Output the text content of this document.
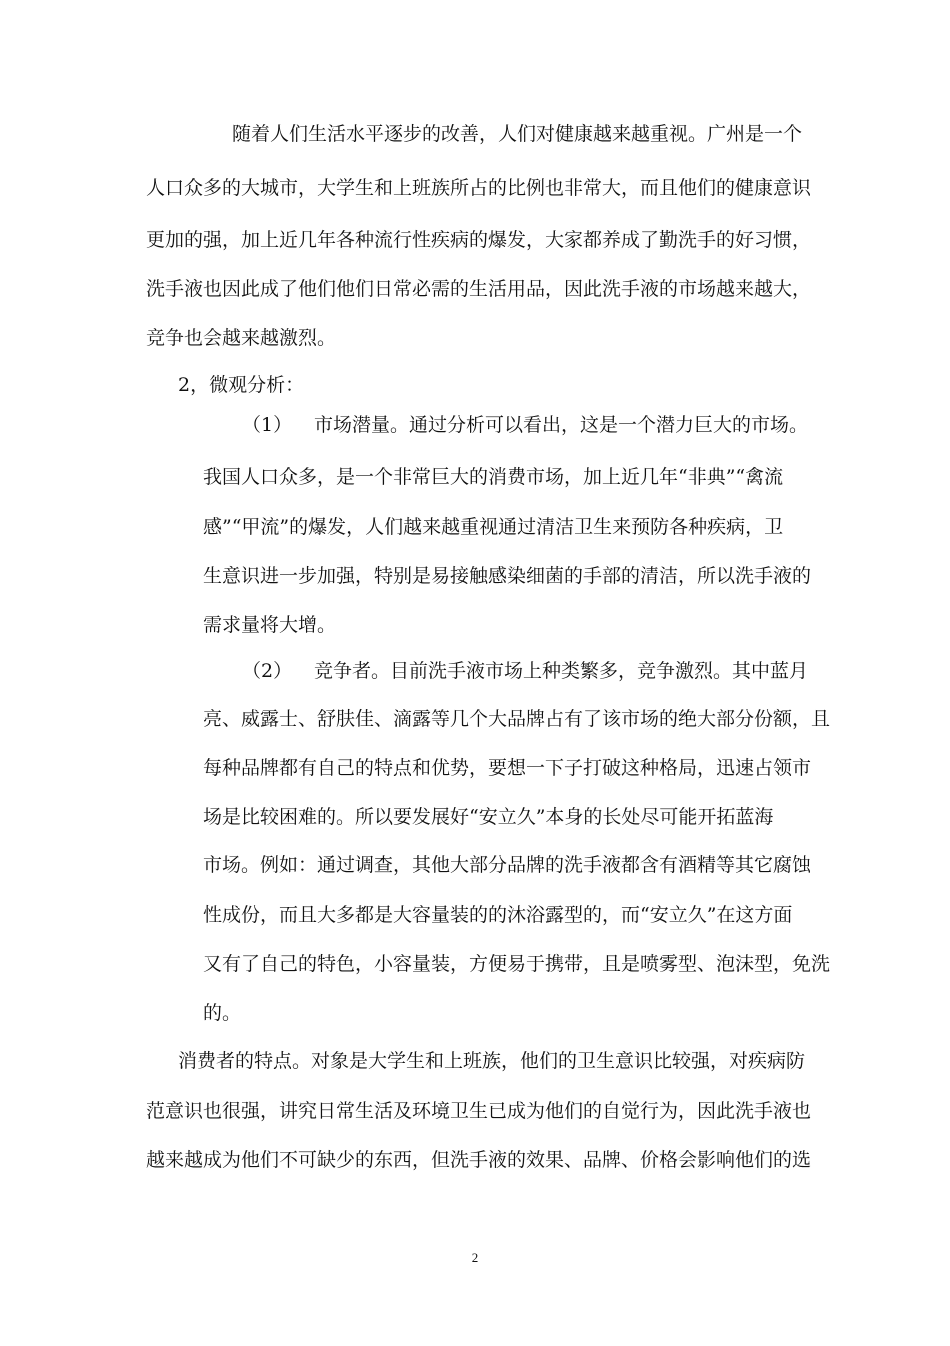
随着人们生活水平逐步的改善，人们对健康越来越重视。广州是一个
人口众多的大城市，大学生和上班族所占的比例也非常大，而且他们的健康意识
更加的强，加上近几年各种流行性疾病的爆发，大家都养成了勤洗手的好习惯，
洗手液也因此成了他们他们日常必需的生活用品，因此洗手液的市场越来越大，
竞争也会越来越激烈。
2，微观分析：
（1） 市场潜量。通过分析可以看出，这是一个潜力巨大的市场。
我国人口众多，是一个非常巨大的消费市场，加上近几年“非典”“禽流
感”“甲流”的爆发，人们越来越重视通过清洁卫生来预防各种疾病，卫
生意识进一步加强，特别是易接触感染细菌的手部的清洁，所以洗手液的
需求量将大增。
（2） 竞争者。目前洗手液市场上种类繁多，竞争激烈。其中蓝月
亮、威露士、舒肤佳、滴露等几个大品牌占有了该市场的绝大部分份额，且
每种品牌都有自己的特点和优势，要想一下子打破这种格局，迅速占领市
场是比较困难的。所以要发展好“安立久”本身的长处尽可能开拓蓝海
市场。例如：通过调查，其他大部分品牌的洗手液都含有酒精等其它腐蚀
性成份，而且大多都是大容量装的的沐浴露型的，而“安立久”在这方面
又有了自己的特色，小容量装，方便易于携带，且是喷雾型、泡沫型，免洗
的。
消费者的特点。对象是大学生和上班族，他们的卫生意识比较强，对疾病防
范意识也很强，讲究日常生活及环境卫生已成为他们的自觉行为，因此洗手液也
越来越成为他们不可缺少的东西，但洗手液的效果、品牌、价格会影响他们的选
2
